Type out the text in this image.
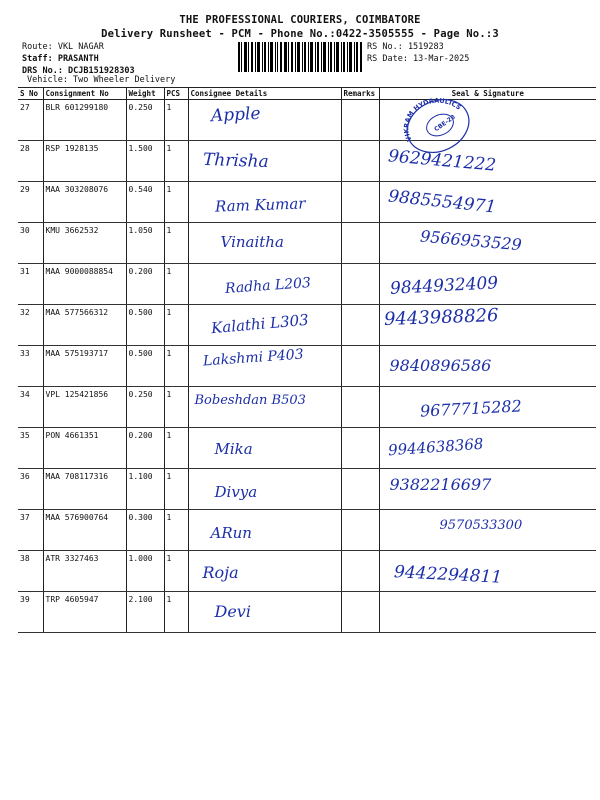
THE PROFESSIONAL COURIERS, COIMBATORE
Delivery Runsheet - PCM - Phone No.:0422-3505555 - Page No.:3
Route: VKL NAGAR
Staff: PRASANTH
DRS No.: DCJB151928303
Vehicle: Two Wheeler Delivery
RS No.: 1519283
RS Date: 13-Mar-2025
S No	Consignment No	Weight	PCS	Consignee Details	Remarks	Seal & Signature
27	BLR 601299180	0.250	1	Apple		

28	RSP 1928135	1.500	1	Thrisha		9629421222

29	MAA 303208076	0.540	1	Ram Kumar		9885554971

30	KMU 3662532	1.050	1	Vinaitha		9566953529

31	MAA 9000088854	0.200	1	Radha L203		9844932409

32	MAA 577566312	0.500	1	Kalathi L303		9443988826

33	MAA 575193717	0.500	1	Lakshmi P403		9840896586

34	VPL 125421856	0.250	1	Bobeshdan B503		9677715282

35	PON 4661351	0.200	1	Mika		9944638368

36	MAA 708117316	1.100	1	Divya		9382216697

37	MAA 576900764	0.300	1	ARun		9570533300

38	ATR 3327463	1.000	1	Roja		9442294811

39	TRP 4605947	2.100	1	Devi		

VIKRAM HYDRAULICS
CBE-28
